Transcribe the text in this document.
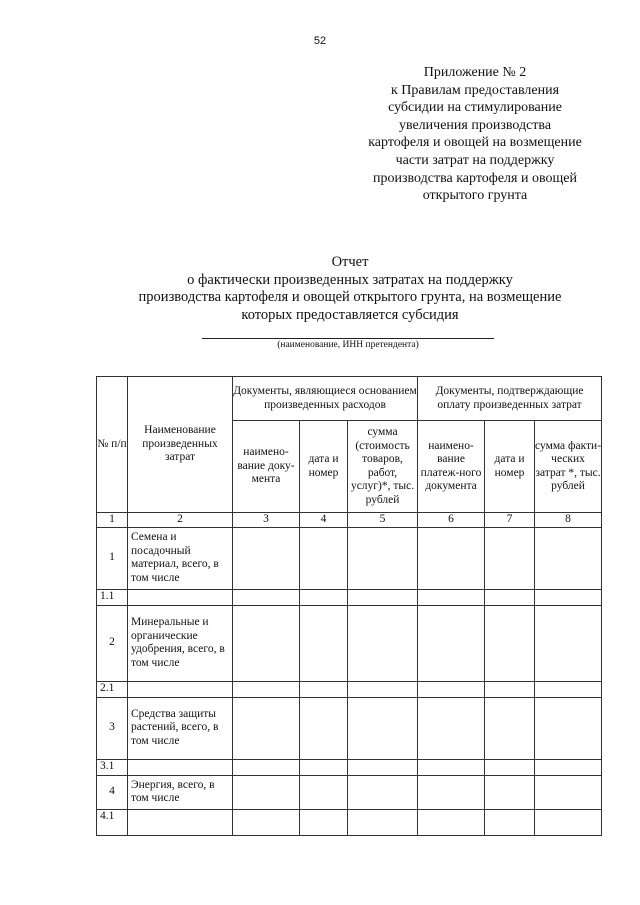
52
Приложение № 2
к Правилам предоставления
субсидии на стимулирование
увеличения производства
картофеля и овощей на возмещение
части затрат на поддержку
производства картофеля и овощей
открытого грунта
Отчет
о фактически произведенных затратах на поддержку
производства картофеля и овощей открытого грунта, на возмещение
которых предоставляется субсидия
(наименование, ИНН претендента)
№ п/п	Наименование произведенных затрат	Документы, являющиеся основанием произведенных расходов			Документы, подтверждающие оплату произведенных затрат		
		наимено-вание доку-мента	дата и номер	сумма (стоимость товаров, работ, услуг)*, тыс. рублей	наимено-вание платеж-ного документа	дата и номер	сумма факти-ческих затрат *, тыс. рублей
1	2	3	4	5	6	7	8
1	Семена и посадочный материал, всего, в том числе						
1.1							
2	Минеральные и органические удобрения, всего, в том числе						
2.1							
3	Средства защиты растений, всего, в том числе						
3.1							
4	Энергия, всего, в том числе						
4.1							
